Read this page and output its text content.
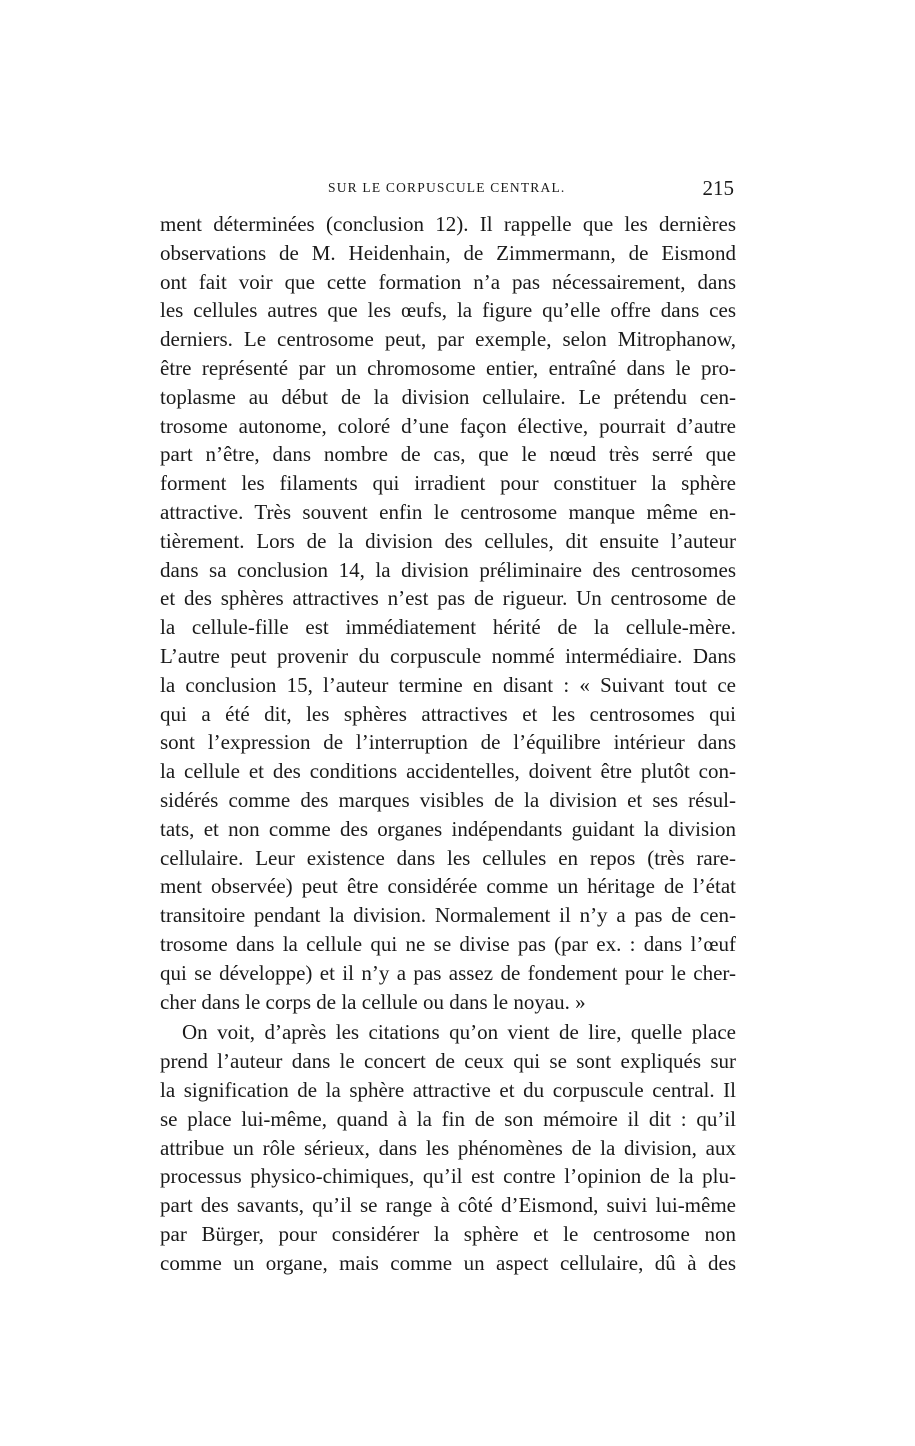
SUR LE CORPUSCULE CENTRAL.	215
ment déterminées (conclusion 12). Il rappelle que les dernières
observations de M. Heidenhain, de Zimmermann, de Eismond
ont fait voir que cette formation n’a pas nécessairement, dans
les cellules autres que les œufs, la figure qu’elle offre dans ces
derniers. Le centrosome peut, par exemple, selon Mitrophanow,
être représenté par un chromosome entier, entraîné dans le pro-
toplasme au début de la division cellulaire. Le prétendu cen-
trosome autonome, coloré d’une façon élective, pourrait d’autre
part n’être, dans nombre de cas, que le nœud très serré que
forment les filaments qui irradient pour constituer la sphère
attractive. Très souvent enfin le centrosome manque même en-
tièrement. Lors de la division des cellules, dit ensuite l’auteur
dans sa conclusion 14, la division préliminaire des centrosomes
et des sphères attractives n’est pas de rigueur. Un centrosome de
la cellule-fille est immédiatement hérité de la cellule-mère.
L’autre peut provenir du corpuscule nommé intermédiaire. Dans
la conclusion 15, l’auteur termine en disant : « Suivant tout ce
qui a été dit, les sphères attractives et les centrosomes qui
sont l’expression de l’interruption de l’équilibre intérieur dans
la cellule et des conditions accidentelles, doivent être plutôt con-
sidérés comme des marques visibles de la division et ses résul-
tats, et non comme des organes indépendants guidant la division
cellulaire. Leur existence dans les cellules en repos (très rare-
ment observée) peut être considérée comme un héritage de l’état
transitoire pendant la division. Normalement il n’y a pas de cen-
trosome dans la cellule qui ne se divise pas (par ex. : dans l’œuf
qui se développe) et il n’y a pas assez de fondement pour le cher-
cher dans le corps de la cellule ou dans le noyau. »
On voit, d’après les citations qu’on vient de lire, quelle place
prend l’auteur dans le concert de ceux qui se sont expliqués sur
la signification de la sphère attractive et du corpuscule central. Il
se place lui-même, quand à la fin de son mémoire il dit : qu’il
attribue un rôle sérieux, dans les phénomènes de la division, aux
processus physico-chimiques, qu’il est contre l’opinion de la plu-
part des savants, qu’il se range à côté d’Eismond, suivi lui-même
par Bürger, pour considérer la sphère et le centrosome non
comme un organe, mais comme un aspect cellulaire, dû à des
